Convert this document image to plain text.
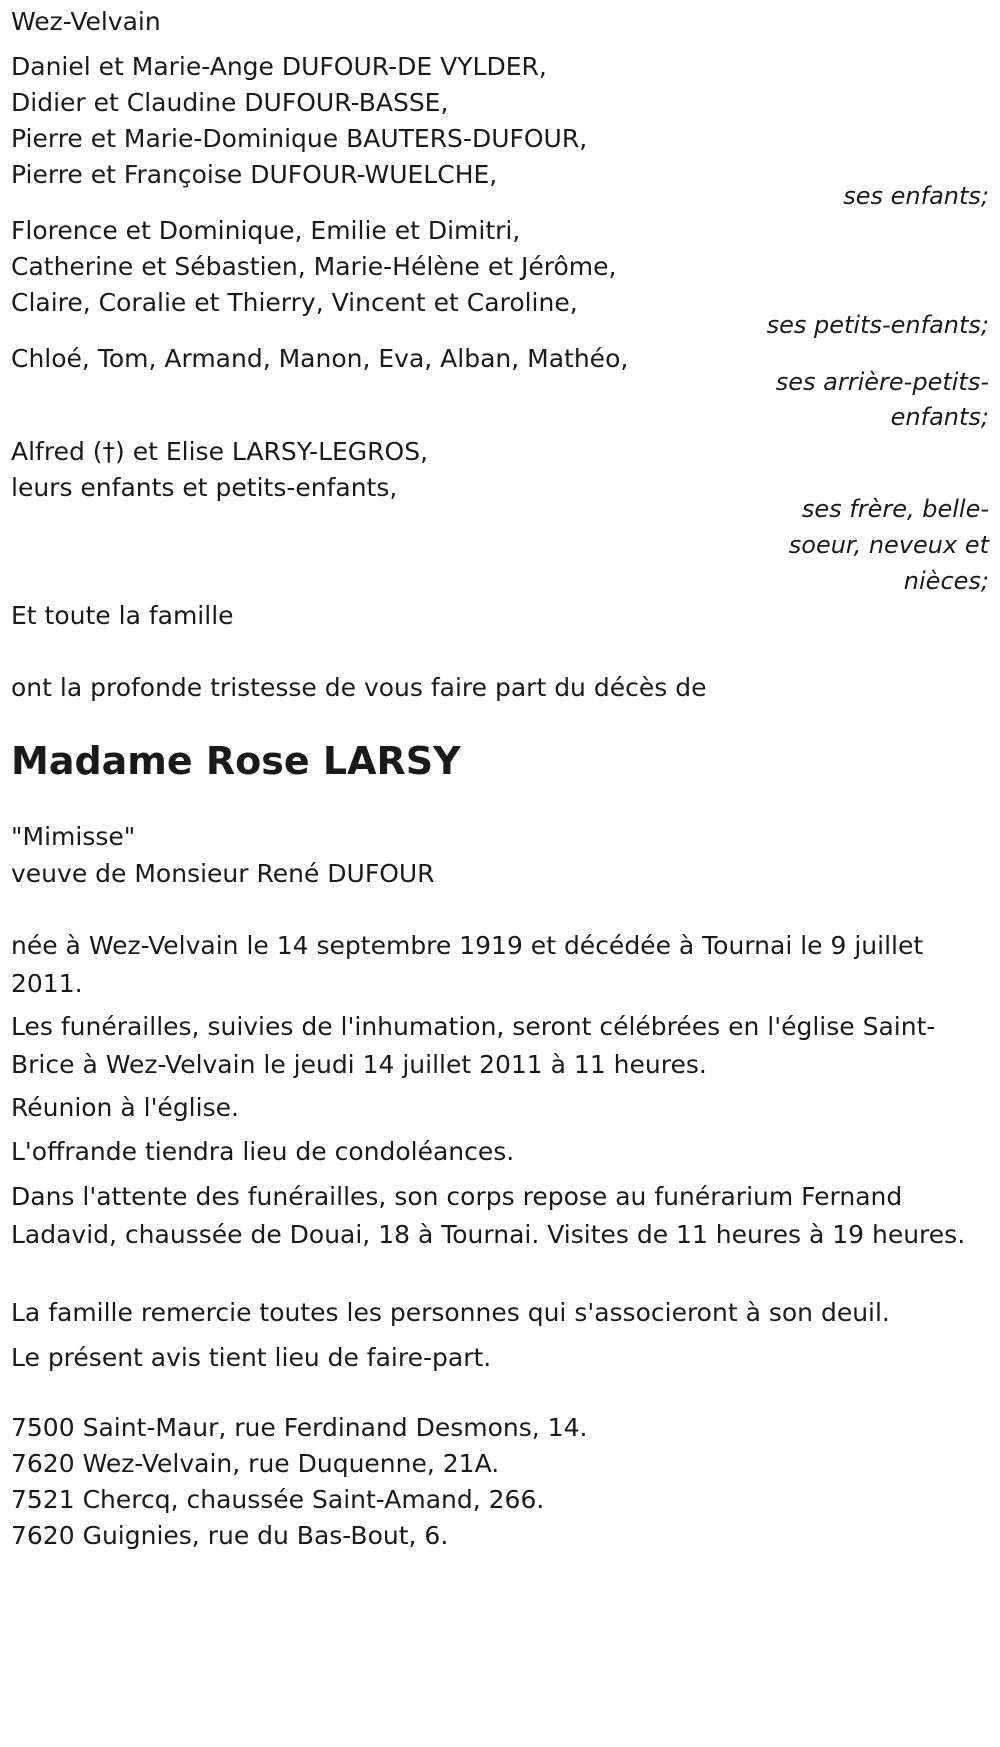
Wez-Velvain
Daniel et Marie-Ange DUFOUR-DE VYLDER,
Didier et Claudine DUFOUR-BASSE,
Pierre et Marie-Dominique BAUTERS-DUFOUR,
Pierre et Françoise DUFOUR-WUELCHE,
ses enfants;
Florence et Dominique, Emilie et Dimitri,
Catherine et Sébastien, Marie-Hélène et Jérôme,
Claire, Coralie et Thierry, Vincent et Caroline,
ses petits-enfants;
Chloé, Tom, Armand, Manon, Eva, Alban, Mathéo,
ses arrière-petits-
enfants;
Alfred (†) et Elise LARSY-LEGROS,
leurs enfants et petits-enfants,
ses frère, belle-
soeur, neveux et
nièces;
Et toute la famille
ont la profonde tristesse de vous faire part du décès de
Madame Rose LARSY
"Mimisse"
veuve de Monsieur René DUFOUR
née à Wez-Velvain le 14 septembre 1919 et décédée à Tournai le 9 juillet 2011.
Les funérailles, suivies de l'inhumation, seront célébrées en l'église Saint-Brice à Wez-Velvain le jeudi 14 juillet 2011 à 11 heures.
Réunion à l'église.
L'offrande tiendra lieu de condoléances.
Dans l'attente des funérailles, son corps repose au funérarium Fernand Ladavid, chaussée de Douai, 18 à Tournai. Visites de 11 heures à 19 heures.
La famille remercie toutes les personnes qui s'associeront à son deuil.
Le présent avis tient lieu de faire-part.
7500 Saint-Maur, rue Ferdinand Desmons, 14.
7620 Wez-Velvain, rue Duquenne, 21A.
7521 Chercq, chaussée Saint-Amand, 266.
7620 Guignies, rue du Bas-Bout, 6.
